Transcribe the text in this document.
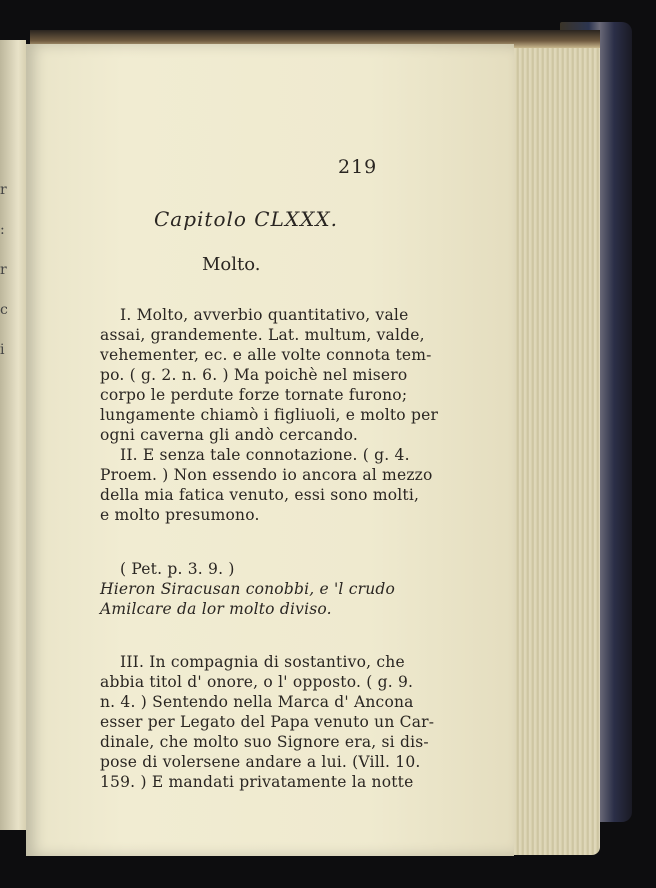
r
:
r
c
i
219
Capitolo CLXXX.
Molto.
I. Molto, avverbio quantitativo, vale
assai, grandemente. Lat. multum, valde,
vehementer, ec. e alle volte connota tem-
po. ( g. 2. n. 6. ) Ma poichè nel misero
corpo le perdute forze tornate furono;
lungamente chiamò i figliuoli, e molto per
ogni caverna gli andò cercando.
II. E senza tale connotazione. ( g. 4.
Proem. ) Non essendo io ancora al mezzo
della mia fatica venuto, essi sono molti,
e molto presumono.
( Pet. p. 3. 9. )
Hieron Siracusan conobbi, e 'l crudo
Amilcare da lor molto diviso.
III. In compagnia di sostantivo, che
abbia titol d' onore, o l' opposto. ( g. 9.
n. 4. ) Sentendo nella Marca d' Ancona
esser per Legato del Papa venuto un Car-
dinale, che molto suo Signore era, si dis-
pose di volersene andare a lui. (Vill. 10.
159. ) E mandati privatamente la notte
